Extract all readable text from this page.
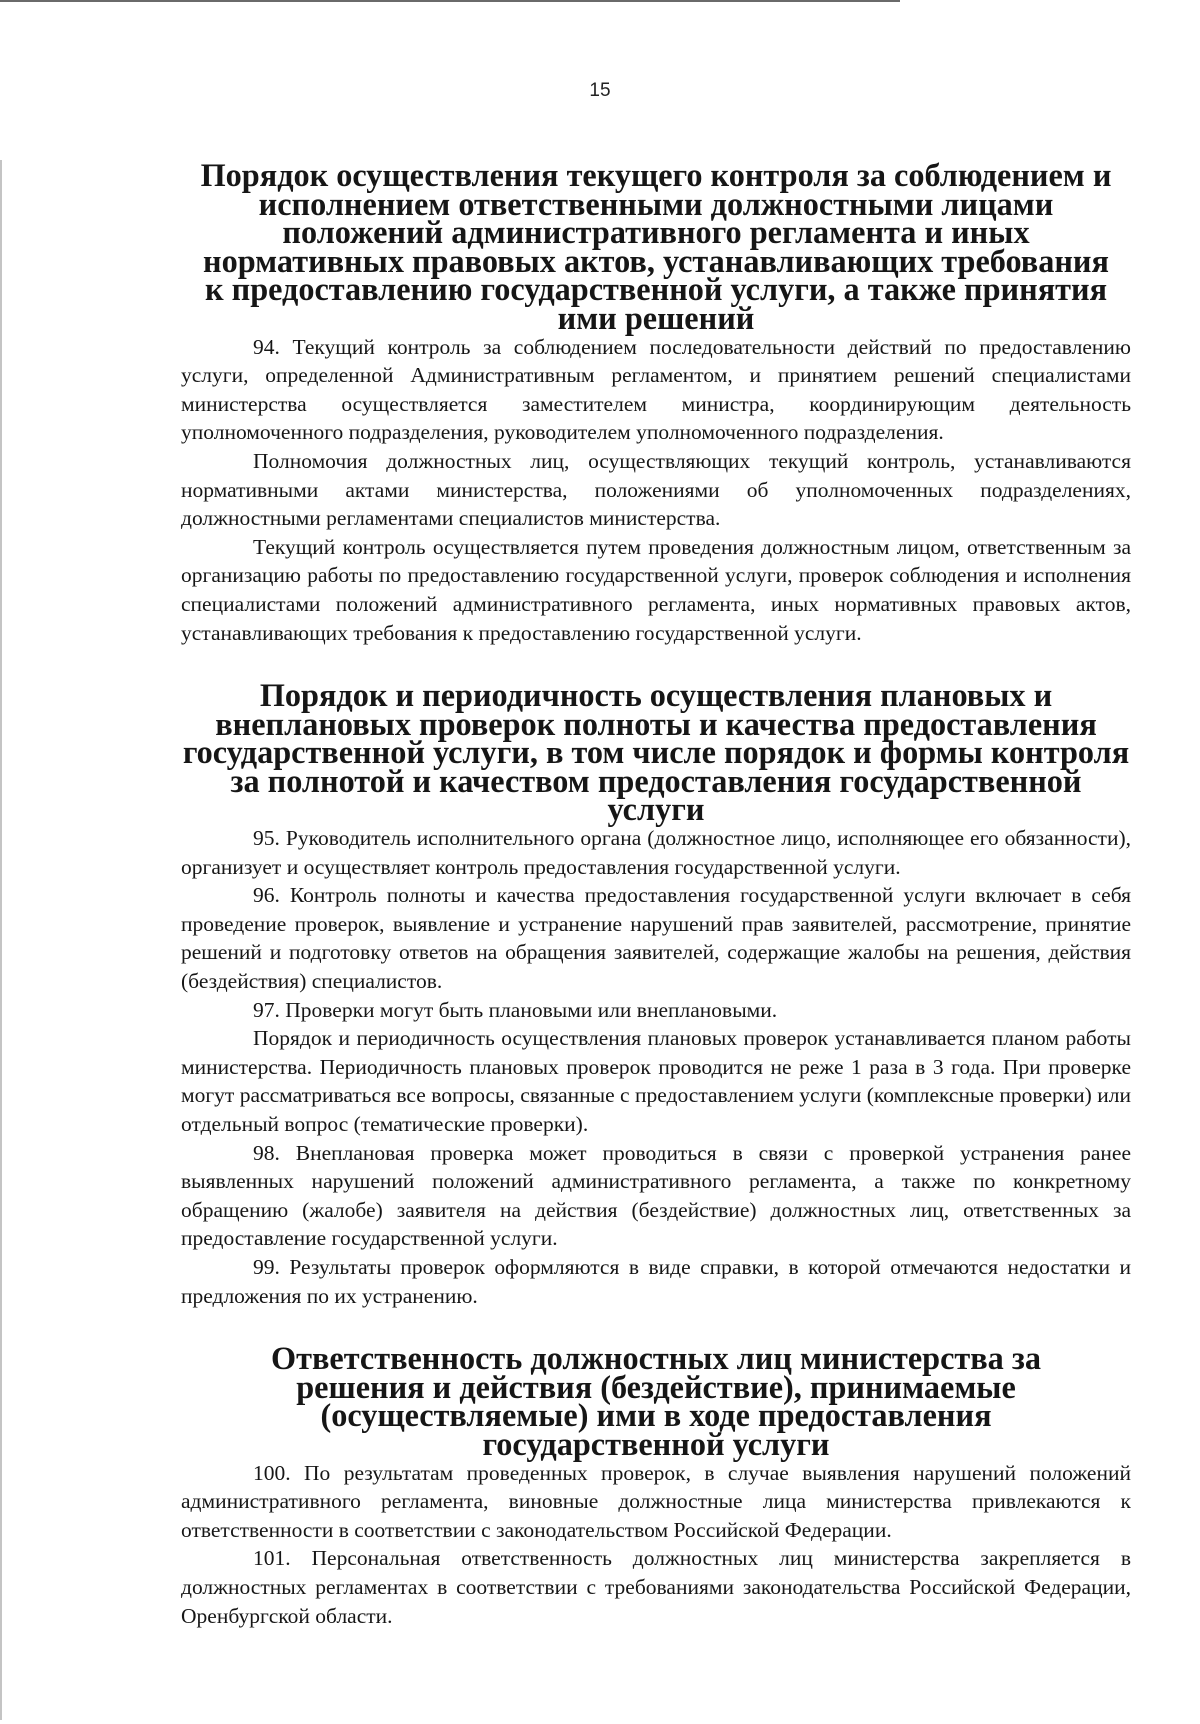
15
Порядок осуществления текущего контроля за соблюдением и исполнением ответственными должностными лицами положений административного регламента и иных нормативных правовых актов, устанавливающих требования к предоставлению государственной услуги, а также принятия ими решений

94. Текущий контроль за соблюдением последовательности действий по предоставлению услуги, определенной Административным регламентом, и принятием решений специалистами министерства осуществляется заместителем министра, координирующим деятельность уполномоченного подразделения, руководителем уполномоченного подразделения.

Полномочия должностных лиц, осуществляющих текущий контроль, устанавливаются нормативными актами министерства, положениями об уполномоченных подразделениях, должностными регламентами специалистов министерства.

Текущий контроль осуществляется путем проведения должностным лицом, ответственным за организацию работы по предоставлению государственной услуги, проверок соблюдения и исполнения специалистами положений административного регламента, иных нормативных правовых актов, устанавливающих требования к предоставлению государственной услуги.

Порядок и периодичность осуществления плановых и внеплановых проверок полноты и качества предоставления государственной услуги, в том числе порядок и формы контроля за полнотой и качеством предоставления государственной услуги

95. Руководитель исполнительного органа (должностное лицо, исполняющее его обязанности), организует и осуществляет контроль предоставления государственной услуги.

96. Контроль полноты и качества предоставления государственной услуги включает в себя проведение проверок, выявление и устранение нарушений прав заявителей, рассмотрение, принятие решений и подготовку ответов на обращения заявителей, содержащие жалобы на решения, действия (бездействия) специалистов.

97. Проверки могут быть плановыми или внеплановыми.

Порядок и периодичность осуществления плановых проверок устанавливается планом работы министерства. Периодичность плановых проверок проводится не реже 1 раза в 3 года. При проверке могут рассматриваться все вопросы, связанные с предоставлением услуги (комплексные проверки) или отдельный вопрос (тематические проверки).

98. Внеплановая проверка может проводиться в связи с проверкой устранения ранее выявленных нарушений положений административного регламента, а также по конкретному обращению (жалобе) заявителя на действия (бездействие) должностных лиц, ответственных за предоставление государственной услуги.

99. Результаты проверок оформляются в виде справки, в которой отмечаются недостатки и предложения по их устранению.

Ответственность должностных лиц министерства за решения и действия (бездействие), принимаемые (осуществляемые) ими в ходе предоставления государственной услуги

100. По результатам проведенных проверок, в случае выявления нарушений положений административного регламента, виновные должностные лица министерства привлекаются к ответственности в соответствии с законодательством Российской Федерации.

101. Персональная ответственность должностных лиц министерства закрепляется в должностных регламентах в соответствии с требованиями законодательства Российской Федерации, Оренбургской области.
